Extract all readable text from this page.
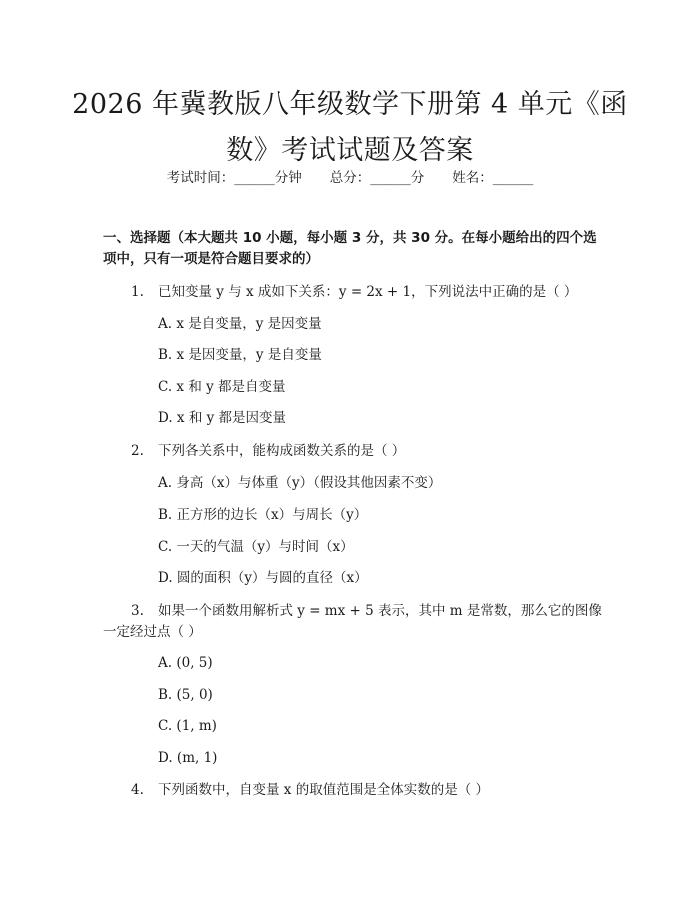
2026 年冀教版八年级数学下册第 4 单元《函
数》考试试题及答案
考试时间：______分钟 总分：______分 姓名：______
一、选择题（本大题共 10 小题，每小题 3 分，共 30 分。在每小题给出的四个选项中，只有一项是符合题目要求的）
1. 已知变量 y 与 x 成如下关系：y = 2x + 1，下列说法中正确的是（ ）
A. x 是自变量，y 是因变量
B. x 是因变量，y 是自变量
C. x 和 y 都是自变量
D. x 和 y 都是因变量
2. 下列各关系中，能构成函数关系的是（ ）
A. 身高（x）与体重（y）（假设其他因素不变）
B. 正方形的边长（x）与周长（y）
C. 一天的气温（y）与时间（x）
D. 圆的面积（y）与圆的直径（x）
3. 如果一个函数用解析式 y = mx + 5 表示，其中 m 是常数，那么它的图像
一定经过点（ ）
A. (0, 5)
B. (5, 0)
C. (1, m)
D. (m, 1)
4. 下列函数中，自变量 x 的取值范围是全体实数的是（ ）
